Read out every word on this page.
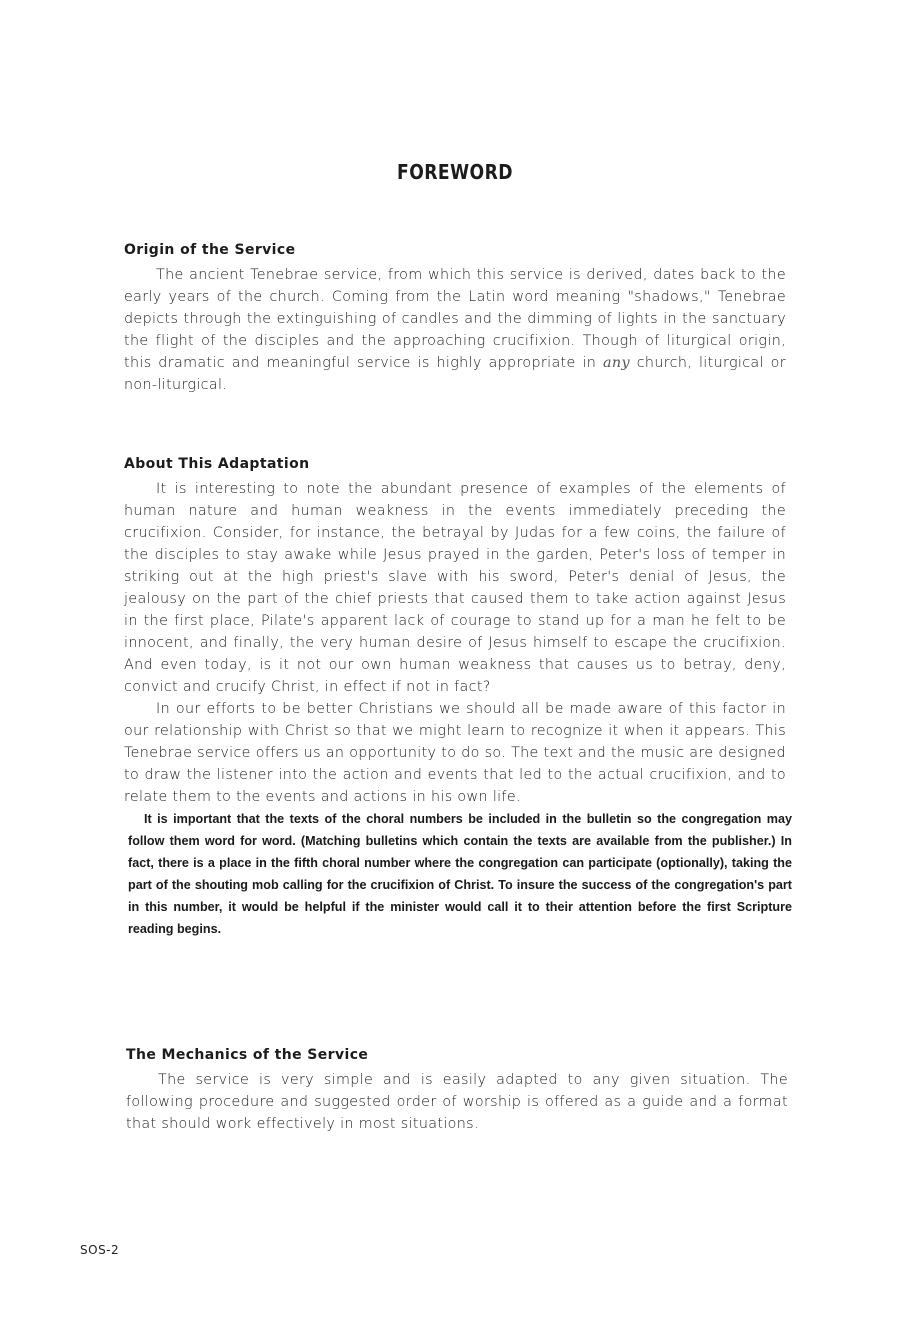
FOREWORD
Origin of the Service

The ancient Tenebrae service, from which this service is derived, dates back to the early years of the church. Coming from the Latin word meaning "shadows," Tenebrae depicts through the extinguishing of candles and the dimming of lights in the sanctuary the flight of the disciples and the approaching crucifixion. Though of liturgical origin, this dramatic and meaningful service is highly appropriate in any church, liturgical or non-liturgical.

About This Adaptation

It is interesting to note the abundant presence of examples of the elements of human nature and human weakness in the events immediately preceding the crucifixion. Consider, for instance, the betrayal by Judas for a few coins, the failure of the disciples to stay awake while Jesus prayed in the garden, Peter's loss of temper in striking out at the high priest's slave with his sword, Peter's denial of Jesus, the jealousy on the part of the chief priests that caused them to take action against Jesus in the first place, Pilate's apparent lack of courage to stand up for a man he felt to be innocent, and finally, the very human desire of Jesus himself to escape the crucifixion. And even today, is it not our own human weakness that causes us to betray, deny, convict and crucify Christ, in effect if not in fact?

In our efforts to be better Christians we should all be made aware of this factor in our relationship with Christ so that we might learn to recognize it when it appears. This Tenebrae service offers us an opportunity to do so. The text and the music are designed to draw the listener into the action and events that led to the actual crucifixion, and to relate them to the events and actions in his own life.

It is important that the texts of the choral numbers be included in the bulletin so the congregation may follow them word for word. (Matching bulletins which contain the texts are available from the publisher.) In fact, there is a place in the fifth choral number where the congregation can participate (optionally), taking the part of the shouting mob calling for the crucifixion of Christ. To insure the success of the congregation's part in this number, it would be helpful if the minister would call it to their attention before the first Scripture reading begins.

The Mechanics of the Service

The service is very simple and is easily adapted to any given situation. The following procedure and suggested order of worship is offered as a guide and a format that should work effectively in most situations.

SOS-2
